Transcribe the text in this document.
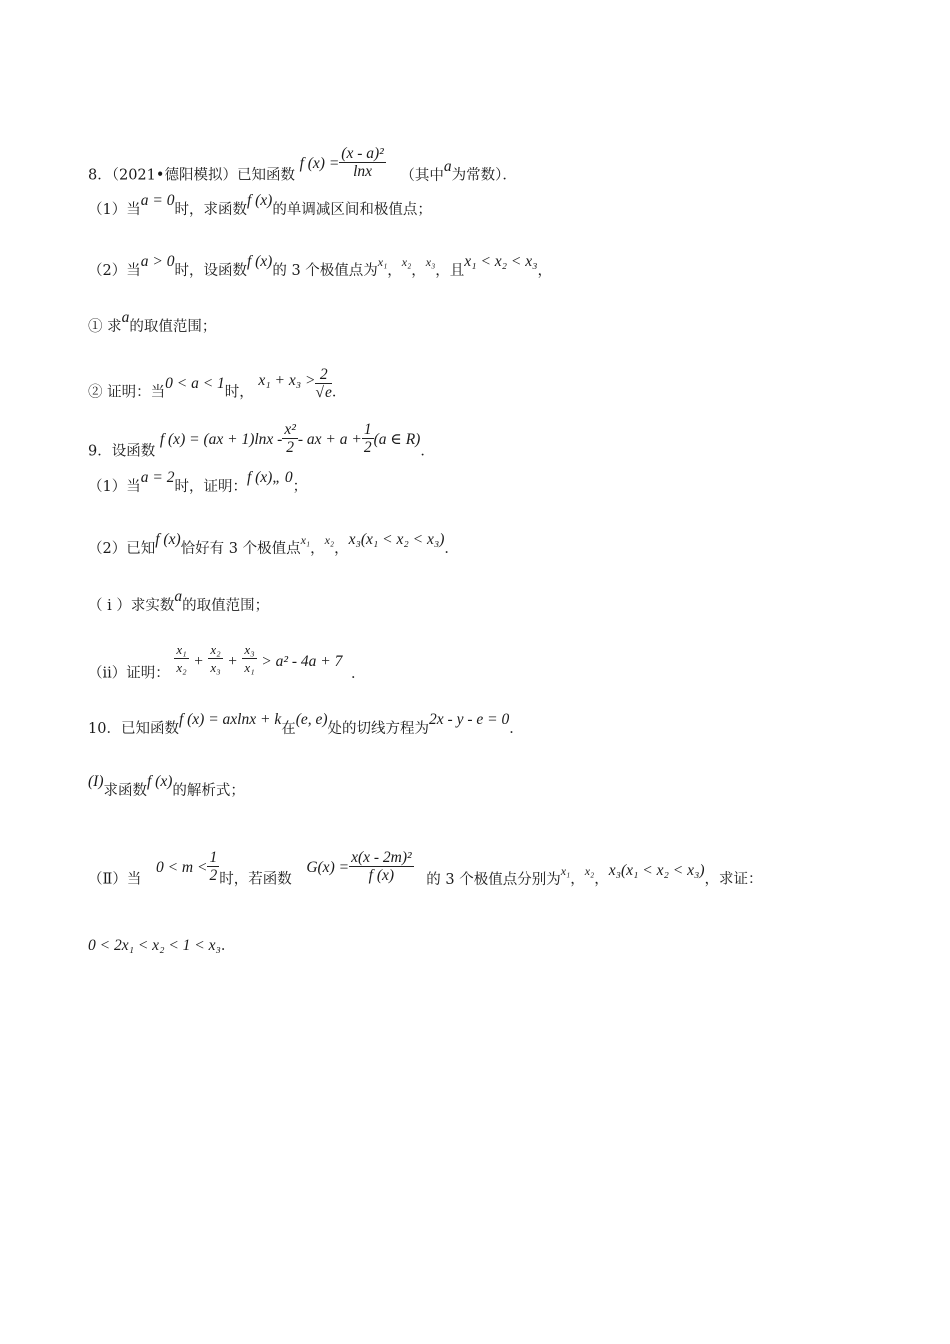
8．（2021•德阳模拟）已知函数 f $(x) = \frac{\text{(x - a)²}}{\ln x}$ （其中a为常数）．
（1）当a = 0时，求函数f (x)的单调减区间和极值点；
（2）当a > 0时，设函数f (x)的 3 个极值点为$^{x_1}$，$^{x_2}$，$^{x_3}$，且x₁ < x₂ < x₃，
① 求a的取值范围；
② 证明：当0 < a < 1时， $x_1 + x_3 > \frac{2}{√e}$ ．
9．设函数 f $(x) = (ax + 1)\ln x - \frac{\text{x²}}{2}$ - ax + $a + \frac{1}{2} (a$ ∈ R)．
（1）当a = 2时，证明：f (x)„ 0；
（2）已知f (x)恰好有 3 个极值点$^{x_1}$，$^{x_2}$，x₃(x₁ < x₂ < x₃)．
（ i ）求实数a的取值范围；
（ii）证明： $\frac{\text{x₁}}{\text{x₂}} + \frac{\text{x₂}}{\text{x₃}} + \frac{\text{x₃}}{\text{x₁}} > a^2 - 4a + 7$ ．
10．已知函数f (x) = axlnx + k在(e, e)处的切线方程为2x - y - e = 0．
(I)求函数f (x)的解析式；
（Ⅱ）当 $0 < m < \frac{1}{2}$ 时，若函数 $G(x) = \frac{\text{x(x - 2m)²}}{f (x)}$ 的 3 个极值点分别为$^{x_1}$，$^{x_2}$，x₃(x₁ < x₂ < x₃)，求证：
0 < 2x₁ < x₂ < 1 < x₃．
